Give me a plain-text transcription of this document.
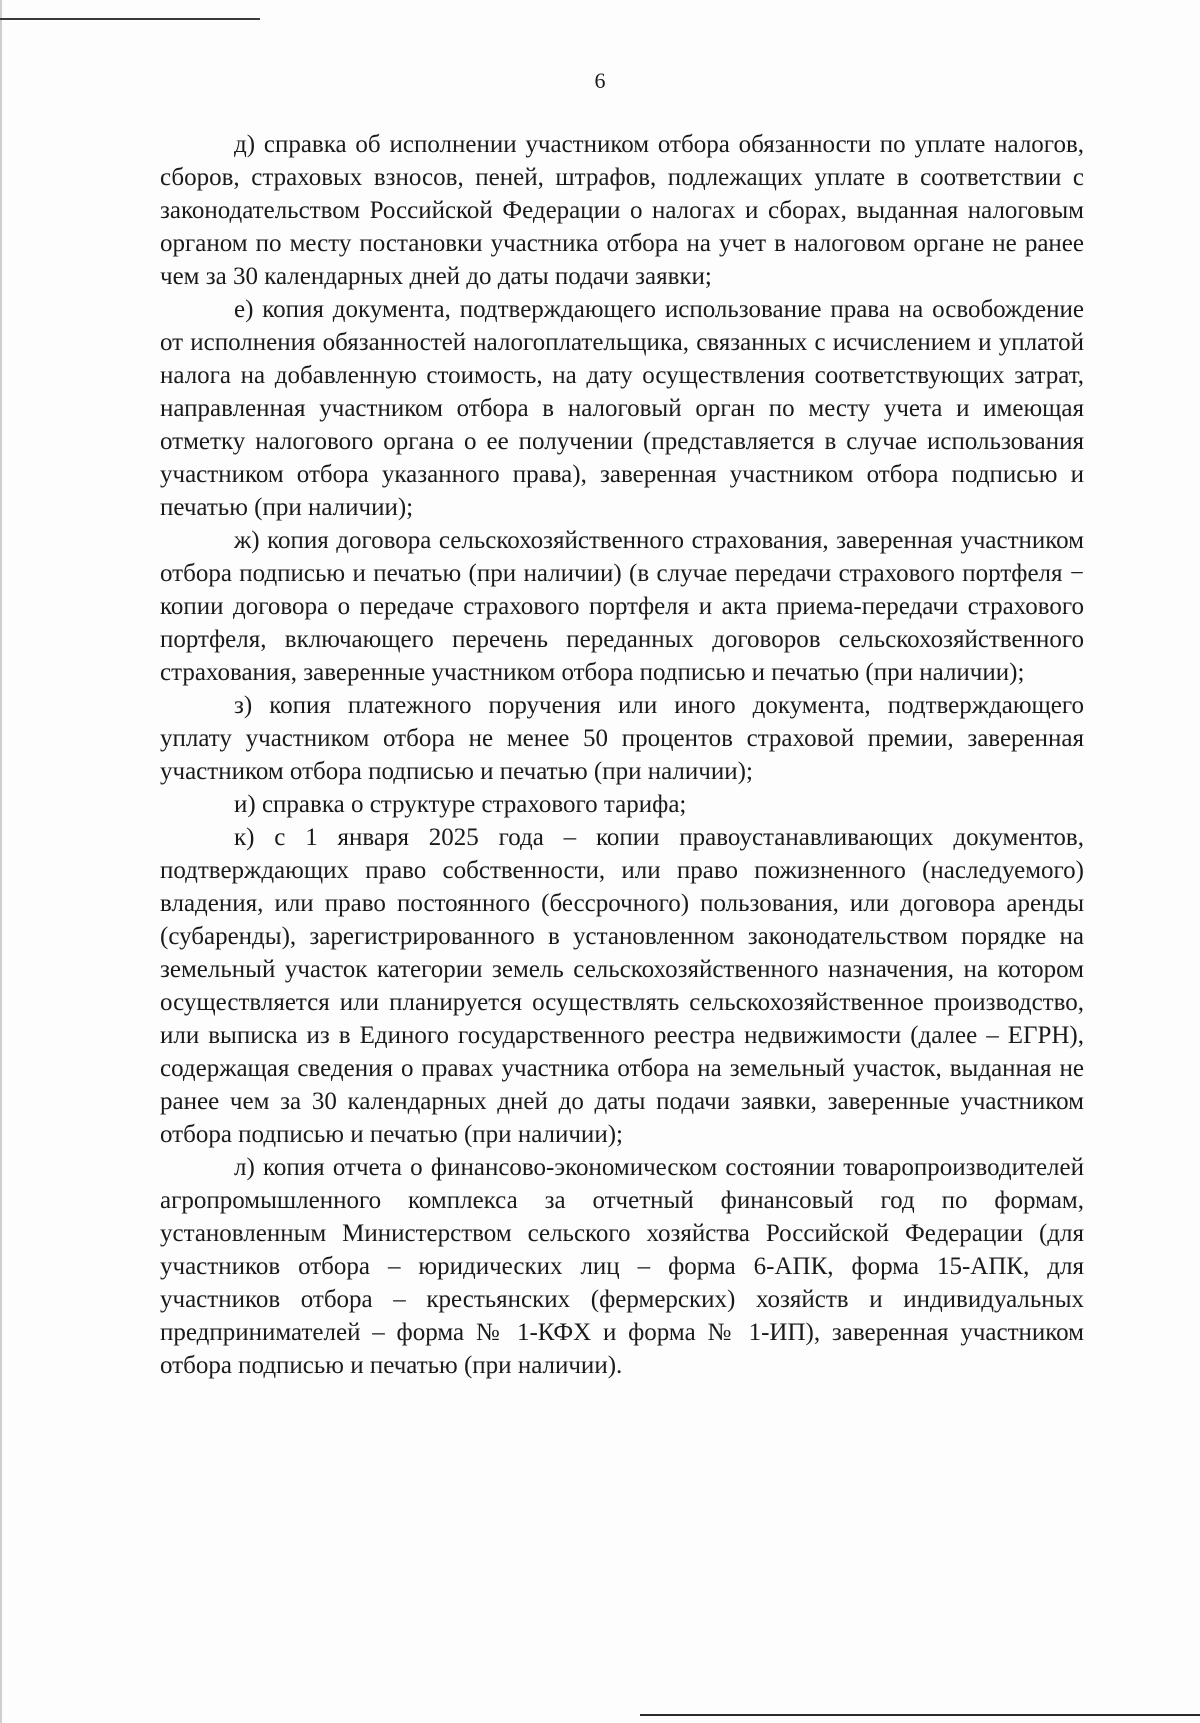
6

д) справка об исполнении участником отбора обязанности по уплате налогов, сборов, страховых взносов, пеней, штрафов, подлежащих уплате в соответствии с законодательством Российской Федерации о налогах и сборах, выданная налоговым органом по месту постановки участника отбора на учет в налоговом органе не ранее чем за 30 календарных дней до даты подачи заявки;

е) копия документа, подтверждающего использование права на освобождение от исполнения обязанностей налогоплательщика, связанных с исчислением и уплатой налога на добавленную стоимость, на дату осуществления соответствующих затрат, направленная участником отбора в налоговый орган по месту учета и имеющая отметку налогового органа о ее получении (представляется в случае использования участником отбора указанного права), заверенная участником отбора подписью и печатью (при наличии);

ж) копия договора сельскохозяйственного страхования, заверенная участником отбора подписью и печатью (при наличии) (в случае передачи страхового портфеля − копии договора о передаче страхового портфеля и акта приема-передачи страхового портфеля, включающего перечень переданных договоров сельскохозяйственного страхования, заверенные участником отбора подписью и печатью (при наличии);

з) копия платежного поручения или иного документа, подтверждающего уплату участником отбора не менее 50 процентов страховой премии, заверенная участником отбора подписью и печатью (при наличии);

и) справка о структуре страхового тарифа;

к) с 1 января 2025 года – копии правоустанавливающих документов, подтверждающих право собственности, или право пожизненного (наследуемого) владения, или право постоянного (бессрочного) пользования, или договора аренды (субаренды), зарегистрированного в установленном законодательством порядке на земельный участок категории земель сельскохозяйственного назначения, на котором осуществляется или планируется осуществлять сельскохозяйственное производство, или выписка из в Единого государственного реестра недвижимости (далее – ЕГРН), содержащая сведения о правах участника отбора на земельный участок, выданная не ранее чем за 30 календарных дней до даты подачи заявки, заверенные участником отбора подписью и печатью (при наличии);

л) копия отчета о финансово-экономическом состоянии товаропроизводителей агропромышленного комплекса за отчетный финансовый год по формам, установленным Министерством сельского хозяйства Российской Федерации (для участников отбора – юридических лиц – форма 6-АПК, форма 15-АПК, для участников отбора – крестьянских (фермерских) хозяйств и индивидуальных предпринимателей – форма № 1-КФХ и форма № 1-ИП), заверенная участником отбора подписью и печатью (при наличии).
